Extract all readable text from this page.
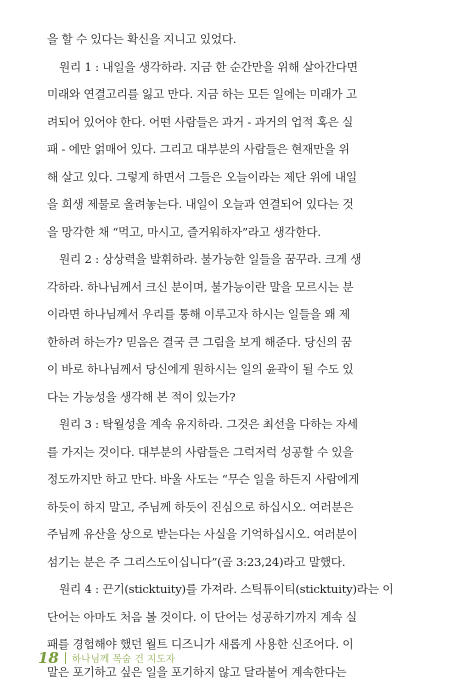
을 할 수 있다는 확신을 지니고 있었다.
원리 1 : 내일을 생각하라. 지금 한 순간만을 위해 살아간다면
미래와 연결고리를 잃고 만다. 지금 하는 모든 일에는 미래가 고
려되어 있어야 한다. 어떤 사람들은 과거 - 과거의 업적 혹은 실
패 - 에만 얽매어 있다. 그리고 대부분의 사람들은 현재만을 위
해 살고 있다. 그렇게 하면서 그들은 오늘이라는 제단 위에 내일
을 희생 제물로 올려놓는다. 내일이 오늘과 연결되어 있다는 것
을 망각한 채 “먹고, 마시고, 즐거워하자”라고 생각한다.
원리 2 : 상상력을 발휘하라. 불가능한 일들을 꿈꾸라. 크게 생
각하라. 하나님께서 크신 분이며, 불가능이란 말을 모르시는 분
이라면 하나님께서 우리를 통해 이루고자 하시는 일들을 왜 제
한하려 하는가? 믿음은 결국 큰 그림을 보게 해준다. 당신의 꿈
이 바로 하나님께서 당신에게 원하시는 일의 윤곽이 될 수도 있
다는 가능성을 생각해 본 적이 있는가?
원리 3 : 탁월성을 계속 유지하라. 그것은 최선을 다하는 자세
를 가지는 것이다. 대부분의 사람들은 그럭저럭 성공할 수 있을
정도까지만 하고 만다. 바울 사도는 “무슨 일을 하든지 사람에게
하듯이 하지 말고, 주님께 하듯이 진심으로 하십시오. 여러분은
주님께 유산을 상으로 받는다는 사실을 기억하십시오. 여러분이
섬기는 분은 주 그리스도이십니다”(골 3:23,24)라고 말했다.
원리 4 : 끈기(sticktuity)를 가져라. 스틱튜이티(sticktuity)라는 이
단어는 아마도 처음 볼 것이다. 이 단어는 성공하기까지 계속 실
패를 경험해야 했던 월트 디즈니가 새롭게 사용한 신조어다. 이
말은 포기하고 싶은 일을 포기하지 않고 달라붙어 계속한다는
18 하나님께 목숨 건 지도자
